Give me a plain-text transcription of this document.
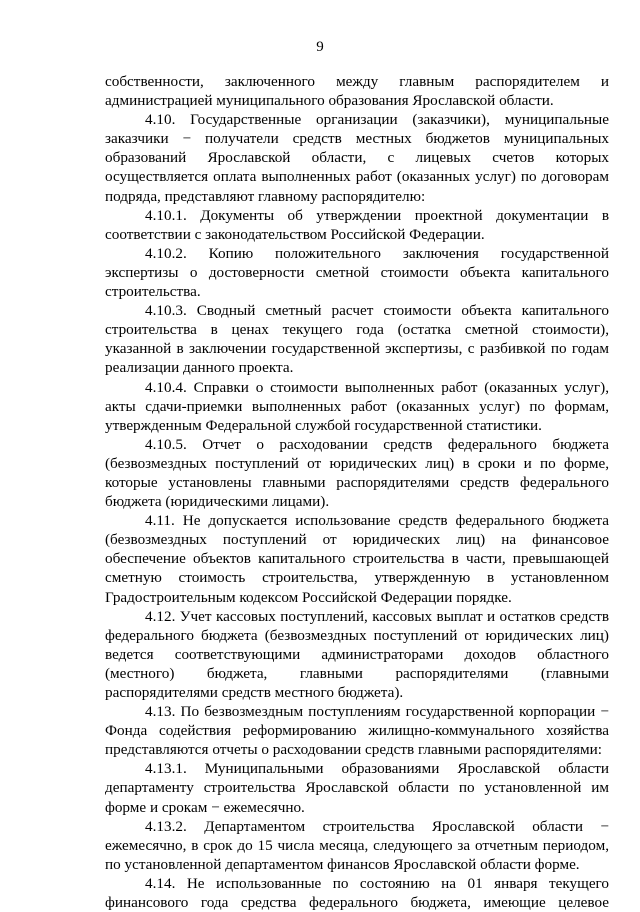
9

собственности, заключенного между главным распорядителем и администрацией муниципального образования Ярославской области.

4.10. Государственные организации (заказчики), муниципальные заказчики − получатели средств местных бюджетов муниципальных образований Ярославской области, с лицевых счетов которых осуществляется оплата выполненных работ (оказанных услуг) по договорам подряда, представляют главному распорядителю:

4.10.1. Документы об утверждении проектной документации в соответствии с законодательством Российской Федерации.

4.10.2. Копию положительного заключения государственной экспертизы о достоверности сметной стоимости объекта капитального строительства.

4.10.3. Сводный сметный расчет стоимости объекта капитального строительства в ценах текущего года (остатка сметной стоимости), указанной в заключении государственной экспертизы, с разбивкой по годам реализации данного проекта.

4.10.4. Справки о стоимости выполненных работ (оказанных услуг), акты сдачи-приемки выполненных работ (оказанных услуг) по формам, утвержденным Федеральной службой государственной статистики.

4.10.5. Отчет о расходовании средств федерального бюджета (безвозмездных поступлений от юридических лиц) в сроки и по форме, которые установлены главными распорядителями средств федерального бюджета (юридическими лицами).

4.11. Не допускается использование средств федерального бюджета (безвозмездных поступлений от юридических лиц) на финансовое обеспечение объектов капитального строительства в части, превышающей сметную стоимость строительства, утвержденную в установленном Градостроительным кодексом Российской Федерации порядке.

4.12. Учет кассовых поступлений, кассовых выплат и остатков средств федерального бюджета (безвозмездных поступлений от юридических лиц) ведется соответствующими администраторами доходов областного (местного) бюджета, главными распорядителями (главными распорядителями средств местного бюджета).

4.13. По безвозмездным поступлениям государственной корпорации − Фонда содействия реформированию жилищно-коммунального хозяйства представляются отчеты о расходовании средств главными распорядителями:

4.13.1. Муниципальными образованиями Ярославской области департаменту строительства Ярославской области по установленной им форме и срокам − ежемесячно.

4.13.2. Департаментом строительства Ярославской области − ежемесячно, в срок до 15 числа месяца, следующего за отчетным периодом, по установленной департаментом финансов Ярославской области форме.

4.14. Не использованные по состоянию на 01 января текущего финансового года средства федерального бюджета, имеющие целевое
